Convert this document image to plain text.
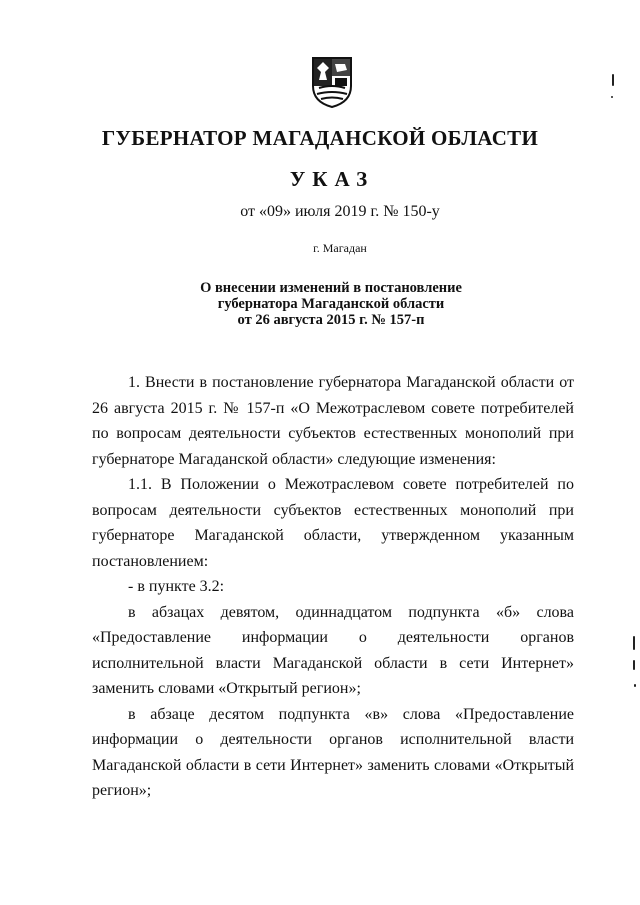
ГУБЕРНАТОР МАГАДАНСКОЙ ОБЛАСТИ
УКАЗ
от «09» июля 2019 г. № 150-у
г. Магадан
О внесении изменений в постановление
губернатора Магаданской области
от 26 августа 2015 г. № 157-п

1. Внести в постановление губернатора Магаданской области от 26 августа 2015 г. № 157-п «О Межотраслевом совете потребителей по вопросам деятельности субъектов естественных монополий при губернаторе Магаданской области» следующие изменения:

1.1. В Положении о Межотраслевом совете потребителей по вопросам деятельности субъектов естественных монополий при губернаторе Магаданской области, утвержденном указанным постановлением:

- в пункте 3.2:

в абзацах девятом, одиннадцатом подпункта «б» слова «Предоставление информации о деятельности органов исполнительной власти Магаданской области в сети Интернет» заменить словами «Открытый регион»;

в абзаце десятом подпункта «в» слова «Предоставление информации о деятельности органов исполнительной власти Магаданской области в сети Интернет» заменить словами «Открытый регион»;
